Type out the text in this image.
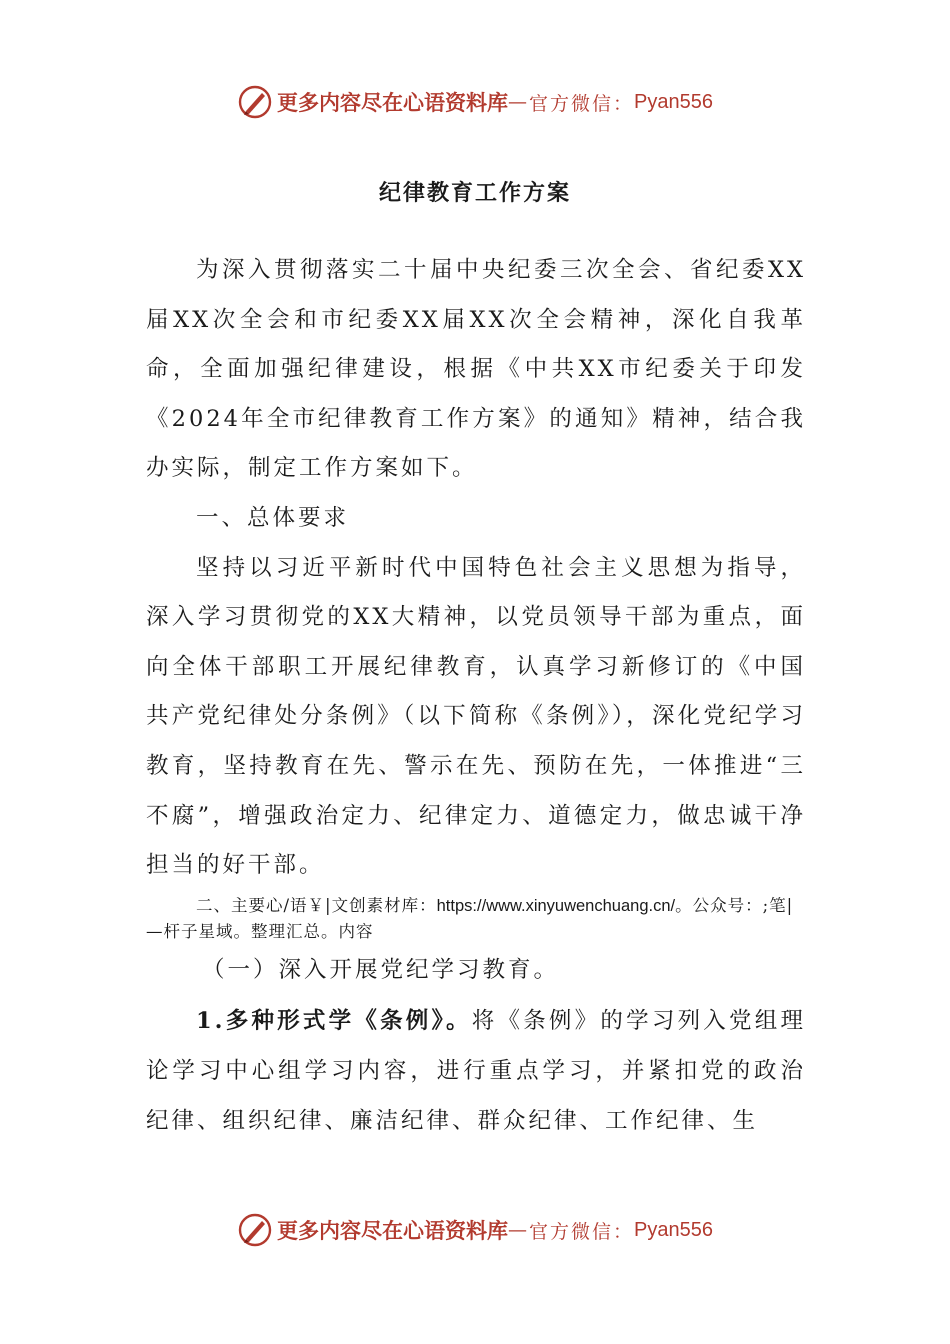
更多内容尽在心语资料库 — 官方微信： Pyan556
纪律教育工作方案

为深入贯彻落实二十届中央纪委三次全会、省纪委XX届XX次全会和市纪委XX届XX次全会精神，深化自我革命，全面加强纪律建设，根据《中共XX市纪委关于印发《2024年全市纪律教育工作方案》的通知》精神，结合我办实际，制定工作方案如下。

一、总体要求

坚持以习近平新时代中国特色社会主义思想为指导，深入学习贯彻党的XX大精神，以党员领导干部为重点，面向全体干部职工开展纪律教育，认真学习新修订的《中国共产党纪律处分条例》（以下简称《条例》），深化党纪学习教育，坚持教育在先、警示在先、预防在先，一体推进“三不腐”，增强政治定力、纪律定力、道德定力，做忠诚干净担当的好干部。

二、主要心/语￥|文创素材库：https://www.xinyuwenchuang.cn/。公众号：;笔|—杆子星域。整理汇总。内容

（一）深入开展党纪学习教育。

1.多种形式学《条例》。将《条例》的学习列入党组理论学习中心组学习内容，进行重点学习，并紧扣党的政治纪律、组织纪律、廉洁纪律、群众纪律、工作纪律、生

更多内容尽在心语资料库 — 官方微信： Pyan556
